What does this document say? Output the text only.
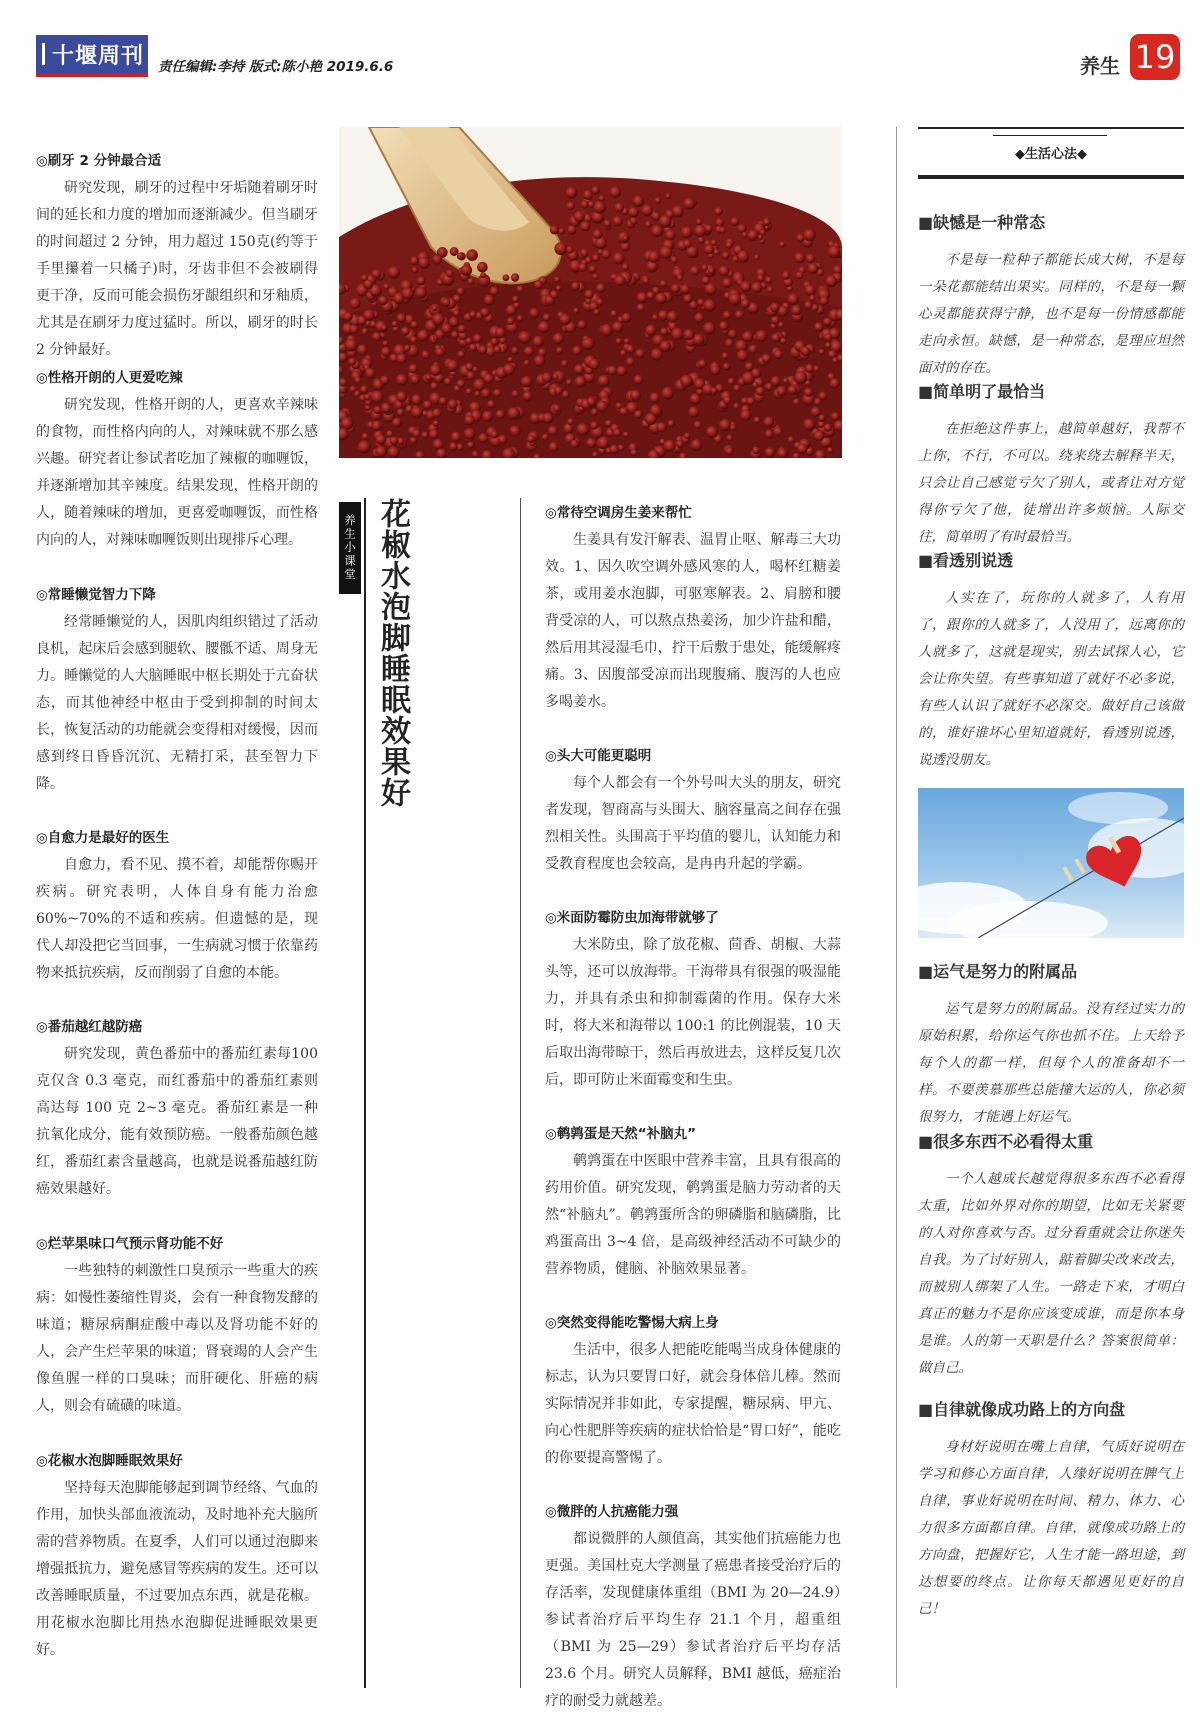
十堰周刊 责任编辑:李持 版式:陈小艳 2019.6.6	养生 19
◎刷牙 2 分钟最合适
研究发现，刷牙的过程中牙垢随着刷牙时间的延长和力度的增加而逐渐减少。但当刷牙的时间超过 2 分钟，用力超过 150克(约等于手里攥着一只橘子)时，牙齿非但不会被刷得更干净，反而可能会损伤牙龈组织和牙釉质，尤其是在刷牙力度过猛时。所以，刷牙的时长 2 分钟最好。
◎性格开朗的人更爱吃辣
研究发现，性格开朗的人，更喜欢辛辣味的食物，而性格内向的人，对辣味就不那么感兴趣。研究者让参试者吃加了辣椒的咖喱饭，并逐渐增加其辛辣度。结果发现，性格开朗的人，随着辣味的增加，更喜爱咖喱饭，而性格内向的人，对辣味咖喱饭则出现排斥心理。
◎常睡懒觉智力下降
经常睡懒觉的人，因肌肉组织错过了活动良机，起床后会感到腿软、腰骶不适、周身无力。睡懒觉的人大脑睡眠中枢长期处于亢奋状态，而其他神经中枢由于受到抑制的时间太长，恢复活动的功能就会变得相对缓慢，因而感到终日昏昏沉沉、无精打采，甚至智力下降。
◎自愈力是最好的医生
自愈力，看不见、摸不着，却能帮你赐开疾病。研究表明，人体自身有能力治愈60%~70%的不适和疾病。但遗憾的是，现代人却没把它当回事，一生病就习惯于依靠药物来抵抗疾病，反而削弱了自愈的本能。
◎番茄越红越防癌
研究发现，黄色番茄中的番茄红素每100 克仅含 0.3 毫克，而红番茄中的番茄红素则高达每 100 克 2~3 毫克。番茄红素是一种抗氧化成分，能有效预防癌。一般番茄颜色越红，番茄红素含量越高，也就是说番茄越红防癌效果越好。
◎烂苹果味口气预示肾功能不好
一些独特的刺激性口臭预示一些重大的疾病：如慢性萎缩性胃炎，会有一种食物发酵的味道；糖尿病酮症酸中毒以及肾功能不好的人，会产生烂苹果的味道；肾衰竭的人会产生像鱼腥一样的口臭味；而肝硬化、肝癌的病人，则会有硫磺的味道。
◎花椒水泡脚睡眠效果好
坚持每天泡脚能够起到调节经络、气血的作用，加快头部血液流动，及时地补充大脑所需的营养物质。在夏季，人们可以通过泡脚来增强抵抗力，避免感冒等疾病的发生。还可以改善睡眠质量，不过要加点东西，就是花椒。用花椒水泡脚比用热水泡脚促进睡眠效果更好。
养生小课堂 花椒水泡脚睡眠效果好	◎常待空调房生姜来帮忙
生姜具有发汗解表、温胃止呕、解毒三大功效。1、因久吹空调外感风寒的人，喝杯红糖姜茶，或用姜水泡脚，可驱寒解表。2、肩膀和腰背受凉的人，可以熬点热姜汤，加少许盐和醋，然后用其浸湿毛巾，拧干后敷于患处，能缓解疼痛。3、因腹部受凉而出现腹痛、腹泻的人也应多喝姜水。
◎头大可能更聪明
每个人都会有一个外号叫大头的朋友，研究者发现，智商高与头围大、脑容量高之间存在强烈相关性。头围高于平均值的婴儿，认知能力和受教育程度也会较高，是冉冉升起的学霸。
◎米面防霉防虫加海带就够了
大米防虫，除了放花椒、茴香、胡椒、大蒜头等，还可以放海带。干海带具有很强的吸湿能力，并具有杀虫和抑制霉菌的作用。保存大米时，将大米和海带以 100:1 的比例混装，10 天后取出海带晾干，然后再放进去，这样反复几次后，即可防止米面霉变和生虫。
◎鹌鹑蛋是天然“补脑丸”
鹌鹑蛋在中医眼中营养丰富，且具有很高的药用价值。研究发现，鹌鹑蛋是脑力劳动者的天然“补脑丸”。鹌鹑蛋所含的卵磷脂和脑磷脂，比鸡蛋高出 3~4 倍，是高级神经活动不可缺少的营养物质，健脑、补脑效果显著。
◎突然变得能吃警惕大病上身
生活中，很多人把能吃能喝当成身体健康的标志，认为只要胃口好，就会身体倍儿棒。然而实际情况并非如此，专家提醒，糖尿病、甲亢、向心性肥胖等疾病的症状恰恰是“胃口好”，能吃的你要提高警惕了。
◎微胖的人抗癌能力强
都说微胖的人颜值高，其实他们抗癌能力也更强。美国杜克大学测量了癌患者接受治疗后的存活率，发现健康体重组（BMI 为 20—24.9）参试者治疗后平均生存 21.1 个月，超重组（BMI 为 25—29）参试者治疗后平均存活23.6 个月。研究人员解释，BMI 越低，癌症治疗的耐受力就越差。
◆生活心法◆
■缺憾是一种常态
不是每一粒种子都能长成大树，不是每一朵花都能结出果实。同样的，不是每一颗心灵都能获得宁静，也不是每一份情感都能走向永恒。缺憾，是一种常态，是理应坦然面对的存在。
■简单明了最恰当
在拒绝这件事上，越简单越好，我帮不上你，不行，不可以。绕来绕去解释半天，只会让自己感觉亏欠了别人，或者让对方觉得你亏欠了他，徒增出许多烦恼。人际交往，简单明了有时最恰当。
■看透别说透
人实在了，玩你的人就多了，人有用了，跟你的人就多了，人没用了，远离你的人就多了，这就是现实，别去试探人心，它会让你失望。有些事知道了就好不必多说，有些人认识了就好不必深交。做好自己该做的，谁好谁坏心里知道就好，看透别说透，说透没朋友。
■运气是努力的附属品
运气是努力的附属品。没有经过实力的原始积累，给你运气你也抓不住。上天给予每个人的都一样，但每个人的准备却不一样。不要羡慕那些总能撞大运的人，你必须很努力，才能遇上好运气。
■很多东西不必看得太重
一个人越成长越觉得很多东西不必看得太重，比如外界对你的期望，比如无关紧要的人对你喜欢与否。过分看重就会让你迷失自我。为了讨好别人，踮着脚尖改来改去，而被别人绑架了人生。一路走下来，才明白真正的魅力不是你应该变成谁，而是你本身是谁。人的第一天职是什么？答案很简单：做自己。
■自律就像成功路上的方向盘
身材好说明在嘴上自律，气质好说明在学习和修心方面自律，人缘好说明在脾气上自律，事业好说明在时间、精力、体力、心力很多方面都自律。自律，就像成功路上的方向盘，把握好它，人生才能一路坦途，到达想要的终点。让你每天都遇见更好的自己！
